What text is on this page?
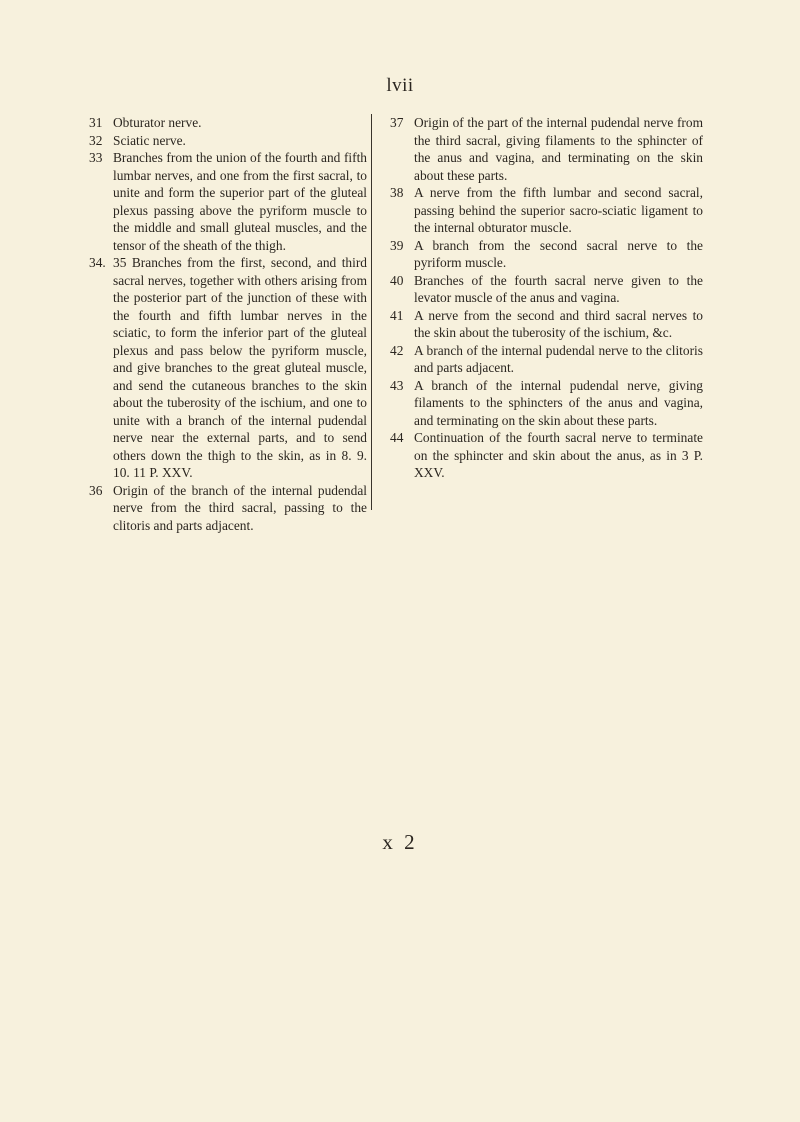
lvii
31 Obturator nerve.
32 Sciatic nerve.
33 Branches from the union of the fourth and fifth lumbar nerves, and one from the first sacral, to unite and form the superior part of the gluteal plexus passing above the pyriform muscle to the middle and small gluteal muscles, and the tensor of the sheath of the thigh.
34. 35 Branches from the first, second, and third sacral nerves, together with others arising from the posterior part of the junction of these with the fourth and fifth lumbar nerves in the sciatic, to form the inferior part of the gluteal plexus and pass below the pyriform muscle, and give branches to the great gluteal muscle, and send the cutaneous branches to the skin about the tuberosity of the ischium, and one to unite with a branch of the internal pudendal nerve near the external parts, and to send others down the thigh to the skin, as in 8. 9. 10. 11 P. XXV.
36 Origin of the branch of the internal pudendal nerve from the third sacral, passing to the clitoris and parts adjacent.
37 Origin of the part of the internal pudendal nerve from the third sacral, giving filaments to the sphincter of the anus and vagina, and terminating on the skin about these parts.
38 A nerve from the fifth lumbar and second sacral, passing behind the superior sacro-sciatic ligament to the internal obturator muscle.
39 A branch from the second sacral nerve to the pyriform muscle.
40 Branches of the fourth sacral nerve given to the levator muscle of the anus and vagina.
41 A nerve from the second and third sacral nerves to the skin about the tuberosity of the ischium, &c.
42 A branch of the internal pudendal nerve to the clitoris and parts adjacent.
43 A branch of the internal pudendal nerve, giving filaments to the sphincters of the anus and vagina, and terminating on the skin about these parts.
44 Continuation of the fourth sacral nerve to terminate on the sphincter and skin about the anus, as in 3 P. XXV.
x 2
